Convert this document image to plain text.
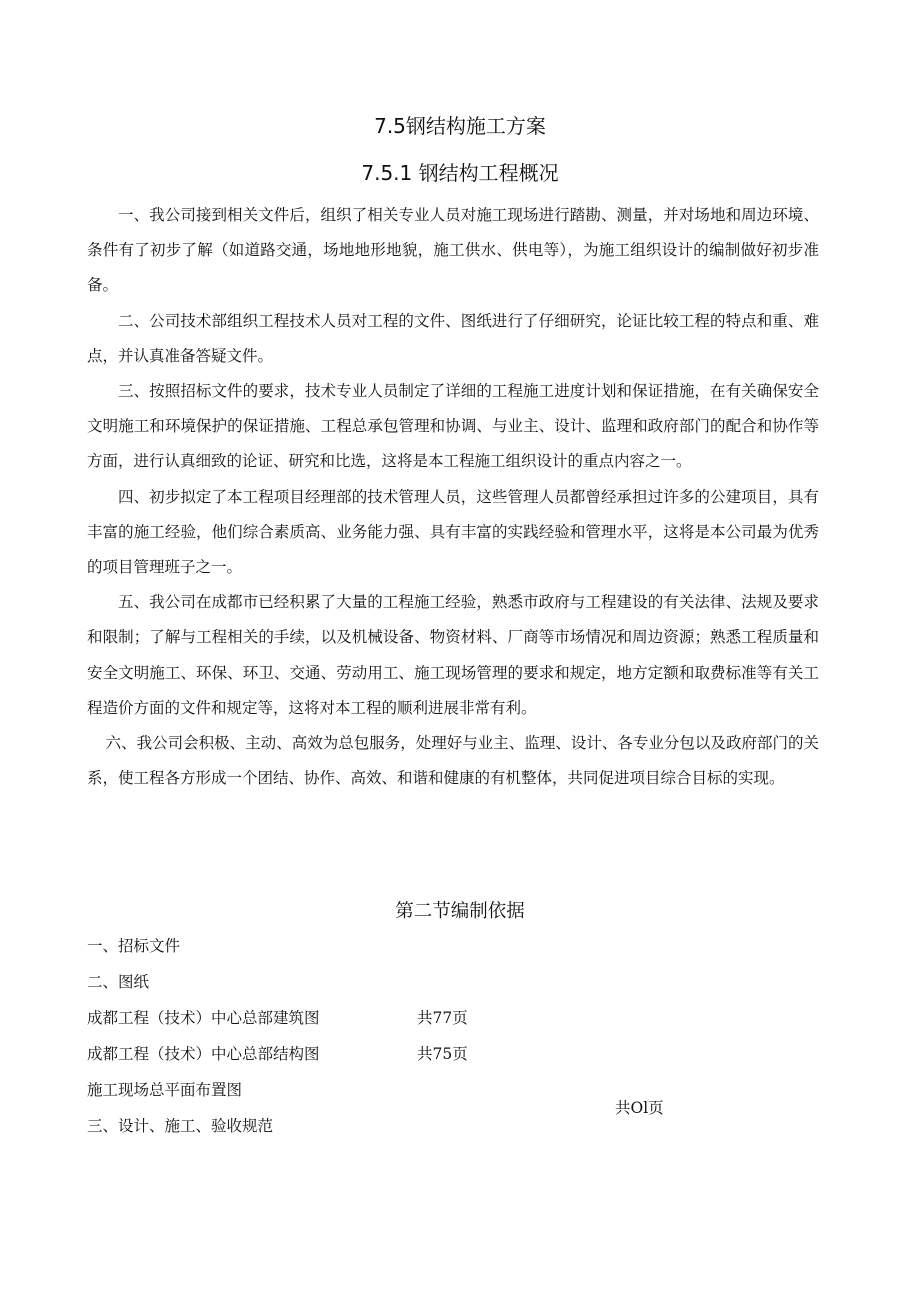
7.5钢结构施工方案
7.5.1 钢结构工程概况

一、我公司接到相关文件后，组织了相关专业人员对施工现场进行踏勘、测量，并对场地和周边环境、条件有了初步了解（如道路交通，场地地形地貌，施工供水、供电等），为施工组织设计的编制做好初步准备。

二、公司技术部组织工程技术人员对工程的文件、图纸进行了仔细研究，论证比较工程的特点和重、难点，并认真准备答疑文件。

三、按照招标文件的要求，技术专业人员制定了详细的工程施工进度计划和保证措施，在有关确保安全文明施工和环境保护的保证措施、工程总承包管理和协调、与业主、设计、监理和政府部门的配合和协作等方面，进行认真细致的论证、研究和比选，这将是本工程施工组织设计的重点内容之一。

四、初步拟定了本工程项目经理部的技术管理人员，这些管理人员都曾经承担过许多的公建项目，具有丰富的施工经验，他们综合素质高、业务能力强、具有丰富的实践经验和管理水平，这将是本公司最为优秀的项目管理班子之一。

五、我公司在成都市已经积累了大量的工程施工经验，熟悉市政府与工程建设的有关法律、法规及要求和限制；了解与工程相关的手续，以及机械设备、物资材料、厂商等市场情况和周边资源；熟悉工程质量和安全文明施工、环保、环卫、交通、劳动用工、施工现场管理的要求和规定，地方定额和取费标准等有关工程造价方面的文件和规定等，这将对本工程的顺利进展非常有利。

六、我公司会积极、主动、高效为总包服务，处理好与业主、监理、设计、各专业分包以及政府部门的关系，使工程各方形成一个团结、协作、高效、和谐和健康的有机整体，共同促进项目综合目标的实现。

第二节编制依据
一、招标文件
二、图纸
成都工程（技术）中心总部建筑图	共77页
成都工程（技术）中心总部结构图	共75页
施工现场总平面布置图
共Ol页
三、设计、施工、验收规范
